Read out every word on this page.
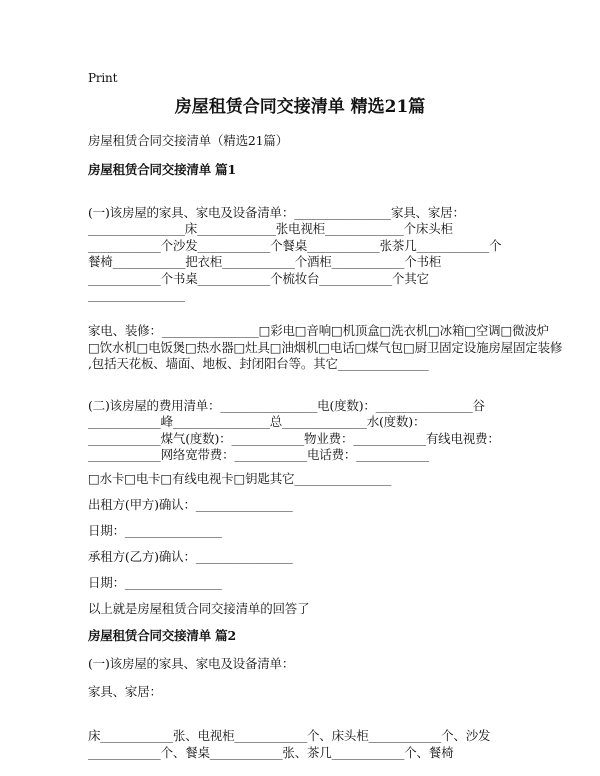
Print
房屋租赁合同交接清单 精选21篇
房屋租赁合同交接清单（精选21篇）
房屋租赁合同交接清单 篇1

(一)该房屋的家具、家电及设备清单：________________家具、家居：
________________床_____________张电视柜_____________个床头柜
____________个沙发____________个餐桌____________张茶几____________个
餐椅____________把衣柜____________个酒柜____________个书柜
____________个书桌____________个梳妆台____________个其它
________________

家电、装修：________________□彩电□音响□机顶盒□洗衣机□冰箱□空调□微波炉
□饮水机□电饭煲□热水器□灶具□油烟机□电话□煤气包□厨卫固定设施房屋固定装修
,包括天花板、墙面、地板、封闭阳台等。其它_______________

(二)该房屋的费用清单：________________电(度数)：________________谷
____________峰________________总______________水(度数)：
____________煤气(度数)：____________物业费：____________有线电视费：
____________网络宽带费：____________电话费：____________
□水卡□电卡□有线电视卡□钥匙其它________________
出租方(甲方)确认：________________
日期：________________
承租方(乙方)确认：________________
日期：________________
以上就是房屋租赁合同交接清单的回答了
房屋租赁合同交接清单 篇2
(一)该房屋的家具、家电及设备清单：
家具、家居：

床____________张、电视柜____________个、床头柜____________个、沙发
____________个、餐桌____________张、茶几____________个、餐椅
